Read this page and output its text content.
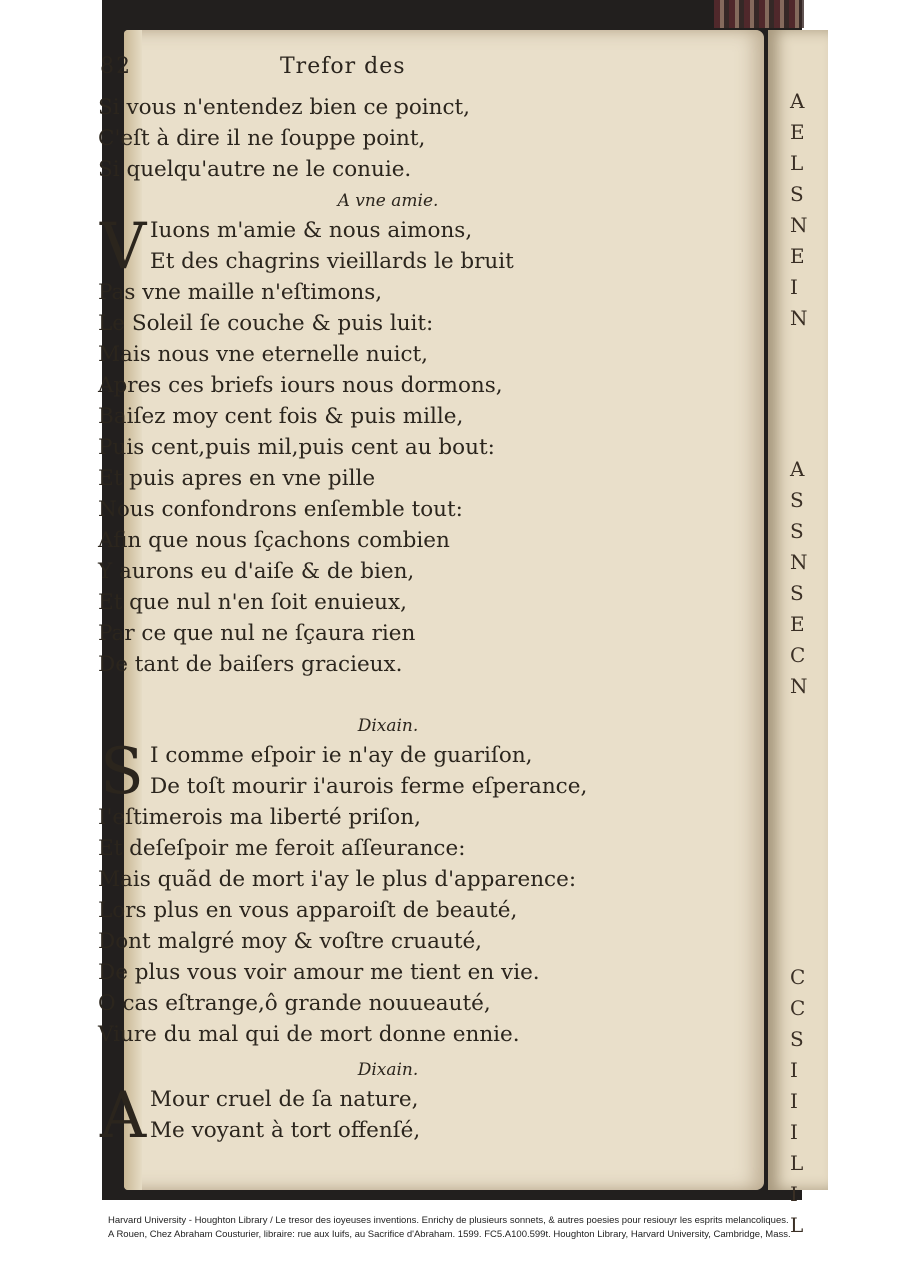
A
E
L
S
N
E
I
N
A
S
S
N
S
E
C
N
C
C
S
I
I
I
L
I
L
82	Trefor des
Si vous n'entendez bien ce poinct,
C'eſt à dire il ne ſouppe point,
Si quelqu'autre ne le conuie.
A vne amie.
V Iuons m'amie & nous aimons,
Et des chagrins vieillards le bruit
Pas vne maille n'eſtimons,
Le Soleil ſe couche & puis luit:
Mais nous vne eternelle nuict,
Apres ces briefs iours nous dormons,
Baiſez moy cent fois & puis mille,
Puis cent,puis mil,puis cent au bout:
Et puis apres en vne pille
Nous confondrons enſemble tout:
Afin que nous ſçachons combien
Y aurons eu d'aiſe & de bien,
Et que nul n'en ſoit enuieux,
Par ce que nul ne ſçaura rien
De tant de baiſers gracieux.
Dixain.
S I comme eſpoir ie n'ay de guariſon,
De toſt mourir i'aurois ferme eſperance,
I'eſtimerois ma liberté priſon,
Et deſeſpoir me feroit aſſeurance:
Mais quãd de mort i'ay le plus d'apparence:
Lors plus en vous apparoiſt de beauté,
Dont malgré moy & voſtre cruauté,
De plus vous voir amour me tient en vie.
O cas eſtrange,ô grande nouueauté,
Viure du mal qui de mort donne ennie.
Dixain.
A Mour cruel de ſa nature,
Me voyant à tort offenſé,

Harvard University - Houghton Library / Le tresor des ioyeuses inventions. Enrichy de plusieurs sonnets, & autres poesies pour resiouyr les esprits melancoliques.

A Rouen, Chez Abraham Cousturier, libraire: rue aux Iuifs, au Sacrifice d'Abraham. 1599. FC5.A100.599t. Houghton Library, Harvard University, Cambridge, Mass.
